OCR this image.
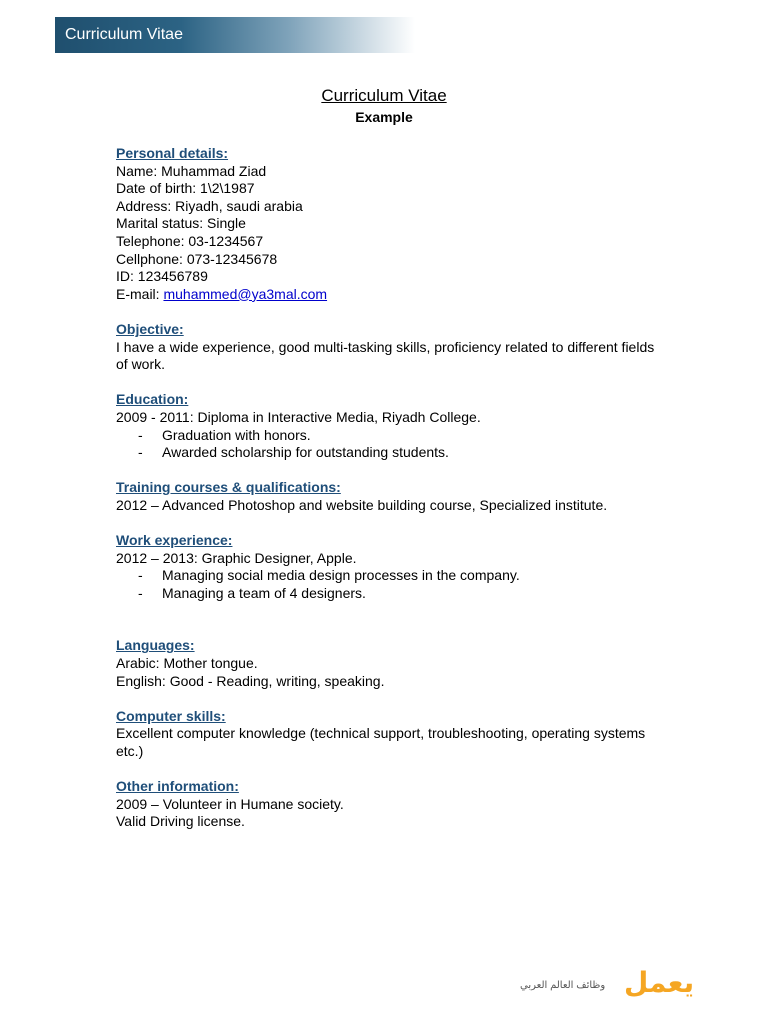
Curriculum Vitae
Curriculum Vitae
Example
Personal details:
Name: Muhammad Ziad
Date of birth: 1\2\1987
Address: Riyadh, saudi arabia
Marital status: Single
Telephone: 03-1234567
Cellphone: 073-12345678
ID: 123456789
E-mail: muhammed@ya3mal.com
Objective:
I have a wide experience, good multi-tasking skills, proficiency related to different fields of work.
Education:
2009 - 2011: Diploma in Interactive Media, Riyadh College.
- Graduation with honors.
- Awarded scholarship for outstanding students.
Training courses & qualifications:
2012 – Advanced Photoshop and website building course, Specialized institute.
Work experience:
2012 – 2013: Graphic Designer, Apple.
- Managing social media design processes in the company.
- Managing a team of 4 designers.
Languages:
Arabic: Mother tongue.
English: Good - Reading, writing, speaking.
Computer skills:
Excellent computer knowledge (technical support, troubleshooting, operating systems etc.)
Other information:
2009 – Volunteer in Humane society.
Valid Driving license.
وظائف العالم العربي يعمل
